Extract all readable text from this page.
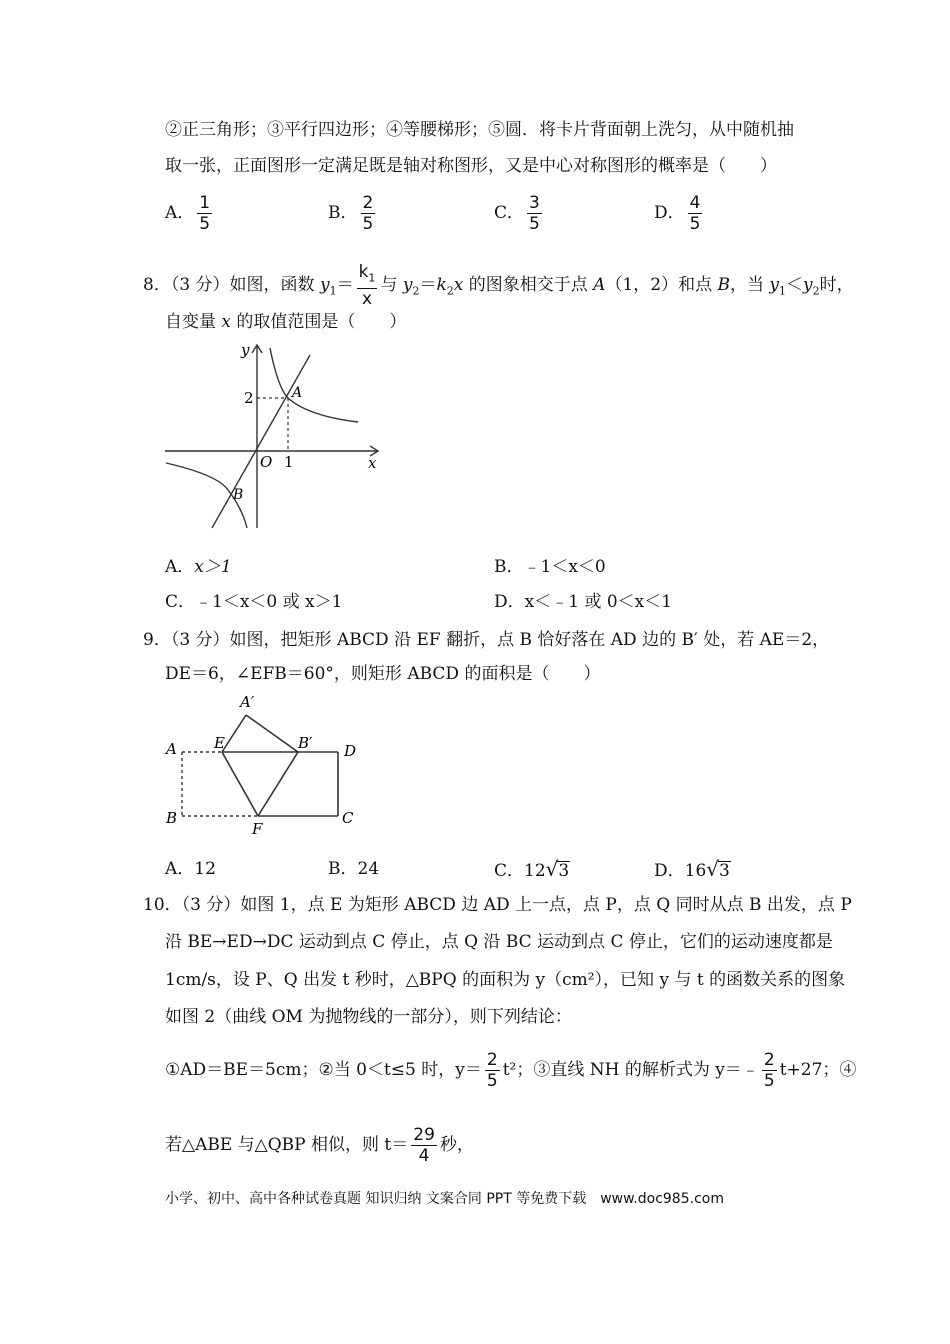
②正三角形；③平行四边形；④等腰梯形；⑤圆．将卡片背面朝上洗匀，从中随机抽
取一张，正面图形一定满足既是轴对称图形，又是中心对称图形的概率是（　　）
A． $\frac{1}{5}$	B． $\frac{2}{5}$	C． $\frac{3}{5}$	D． $\frac{4}{5}$
8．（3 分）如图，函数 $y_1= \frac{k_1}{x}$ 与 $y_2=k_2x$ 的图象相交于点 A（1，2）和点 B，当 $y_1<y_2$时，
自变量 x 的取值范围是（　　）
y
x
O 1
2	A
B
A．x＞1	B．﹣1＜x＜0
C．﹣1＜x＜0 或 x＞1	D．x＜﹣1 或 0＜x＜1
9．（3 分）如图，把矩形 ABCD 沿 EF 翻折，点 B 恰好落在 AD 边的 B′ 处，若 AE＝2，
DE＝6，∠EFB＝60°，则矩形 ABCD 的面积是（　　）
A′
A E	B′ D
B
F
C
A．12	B．24	C．12√3	D．16√3
10．（3 分）如图 1，点 E 为矩形 ABCD 边 AD 上一点，点 P，点 Q 同时从点 B 出发，点 P
沿 BE→ED→DC 运动到点 C 停止，点 Q 沿 BC 运动到点 C 停止，它们的运动速度都是
1cm/s，设 P、Q 出发 t 秒时，△BPQ 的面积为 y（cm²），已知 y 与 t 的函数关系的图象
如图 2（曲线 OM 为抛物线的一部分），则下列结论：
①AD＝BE＝5cm；②当 0＜t≤5 时，$y= \frac{2}{5} t^2$；③直线 NH 的解析式为 y＝﹣ $\frac{2}{5} t+27$；④
若△ABE 与△QBP 相似，则 $t= \frac{29}{4}$ 秒，
小学、初中、高中各种试卷真题 知识归纳 文案合同 PPT 等免费下载　www.doc985.com
